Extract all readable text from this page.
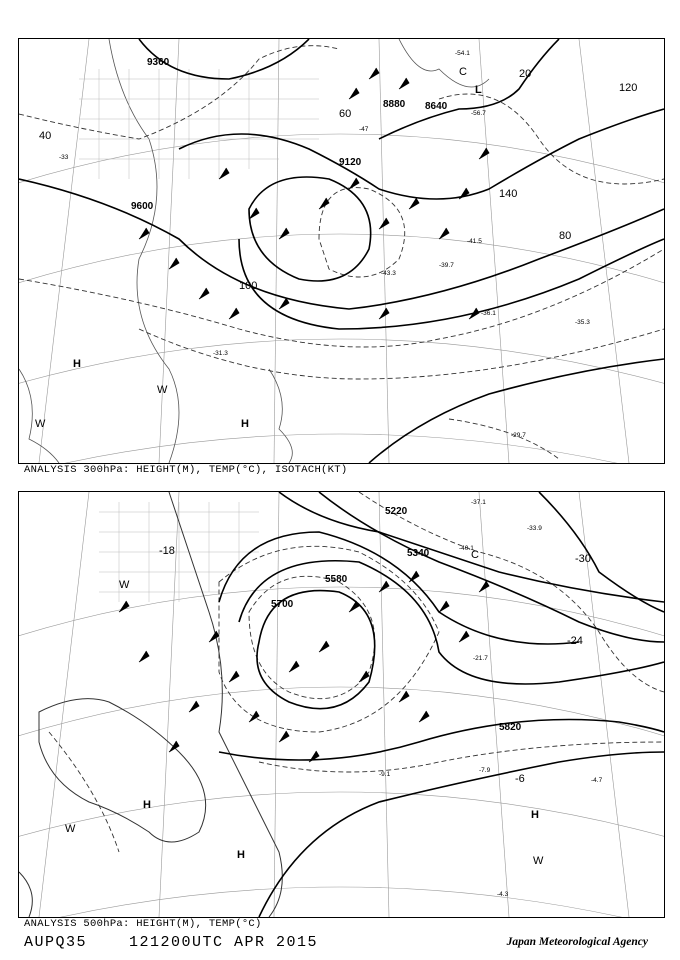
9360
8880 8640
9120
9600
20
40
80
100
120
140
60
-33
-35.3
-36.1
-39.7
-41.5
-43.3
-47
-54.1
-56.7
-29.7
-31.3
H
H
L
C
W
W
ANALYSIS 300hPa: HEIGHT(M), TEMP(°C), ISOTACH(KT)
5220
5340
5580
5700
5820
-18
-24
-30
-6	-4.7
-7.9
-9.1
-4.3
-21.7
-33.9
-40.1
-37.1
H
H
H
C
W
W
W
ANALYSIS 500hPa: HEIGHT(M), TEMP(°C)
AUPQ35	121200UTC APR 2015	Japan Meteorological Agency
